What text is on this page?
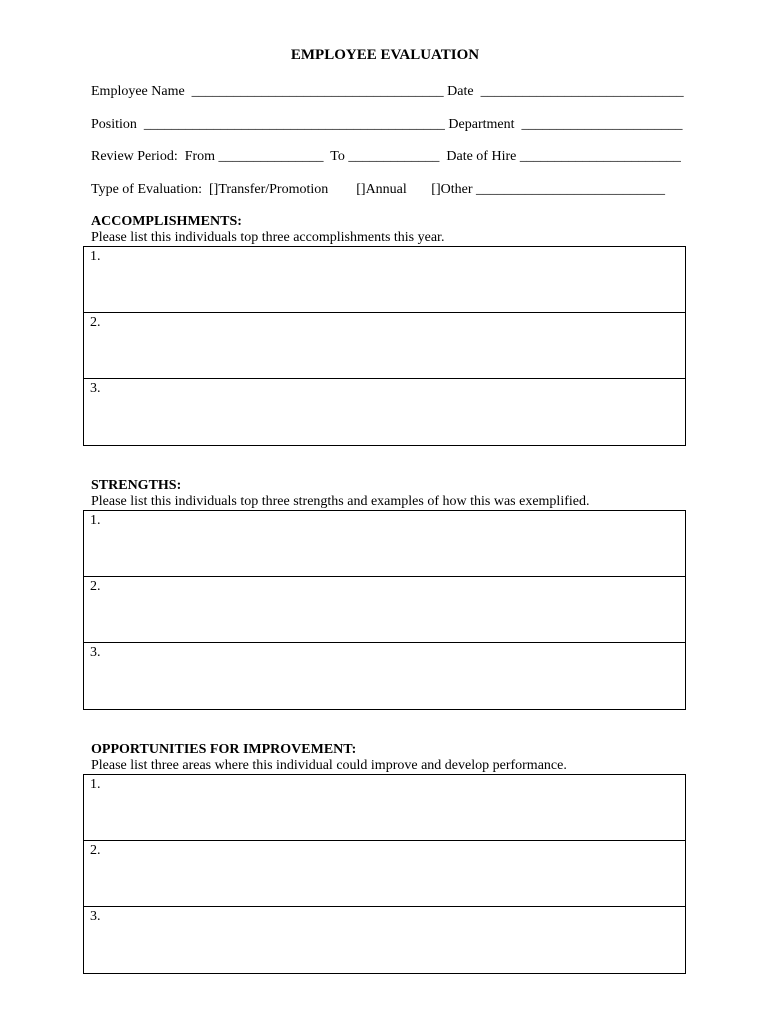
EMPLOYEE EVALUATION
Employee Name  ____________________________________ Date  _____________________________
Position  ___________________________________________ Department  _______________________
Review Period:  From _______________  To _____________  Date of Hire _______________________
Type of Evaluation:  []Transfer/Promotion        []Annual       []Other ___________________________
ACCOMPLISHMENTS:
Please list this individuals top three accomplishments this year.
1.
2.
3.
STRENGTHS:
Please list this individuals top three strengths and examples of how this was exemplified.
1.
2.
3.
OPPORTUNITIES FOR IMPROVEMENT:
Please list three areas where this individual could improve and develop performance.
1.
2.
3.
